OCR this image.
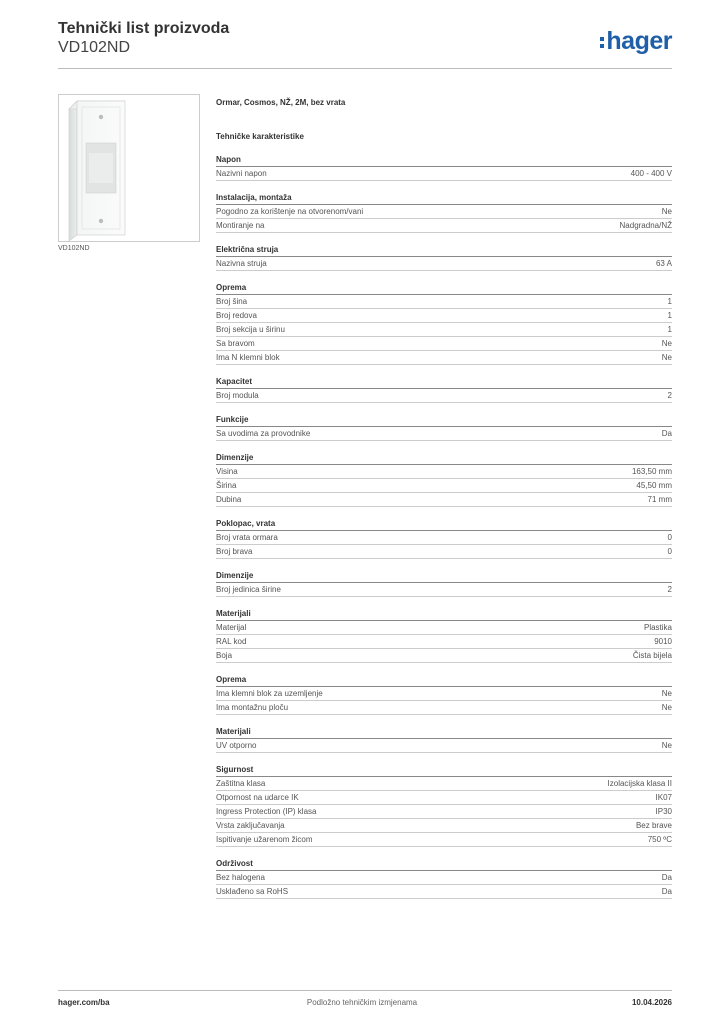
Tehnički list proizvoda
VD102ND	hager
VD102ND
Ormar, Cosmos, NŽ, 2M, bez vrata
Tehničke karakteristike
Napon
Nazivni napon	400 - 400 V
Instalacija, montaža
Pogodno za korištenje na otvorenom/vani	Ne
Montiranje na	Nadgradna/NŽ
Električna struja
Nazivna struja	63 A
Oprema
Broj šina	1
Broj redova	1
Broj sekcija u širinu	1
Sa bravom	Ne
Ima N klemni blok	Ne
Kapacitet
Broj modula	2
Funkcije
Sa uvodima za provodnike	Da
Dimenzije
Visina	163,50 mm
Širina	45,50 mm
Dubina	71 mm
Poklopac, vrata
Broj vrata ormara	0
Broj brava	0
Dimenzije
Broj jedinica širine	2
Materijali
Materijal	Plastika
RAL kod	9010
Boja	Čista bijela
Oprema
Ima klemni blok za uzemljenje	Ne
Ima montažnu ploču	Ne
Materijali
UV otporno	Ne
Sigurnost
Zaštitna klasa	Izolacijska klasa II
Otpornost na udarce IK	IK07
Ingress Protection (IP) klasa	IP30
Vrsta zaključavanja	Bez brave
Ispitivanje užarenom žicom	750 ºC
Održivost
Bez halogena	Da
Usklađeno sa RoHS	Da
hager.com/ba	Podložno tehničkim izmjenama	10.04.2026
